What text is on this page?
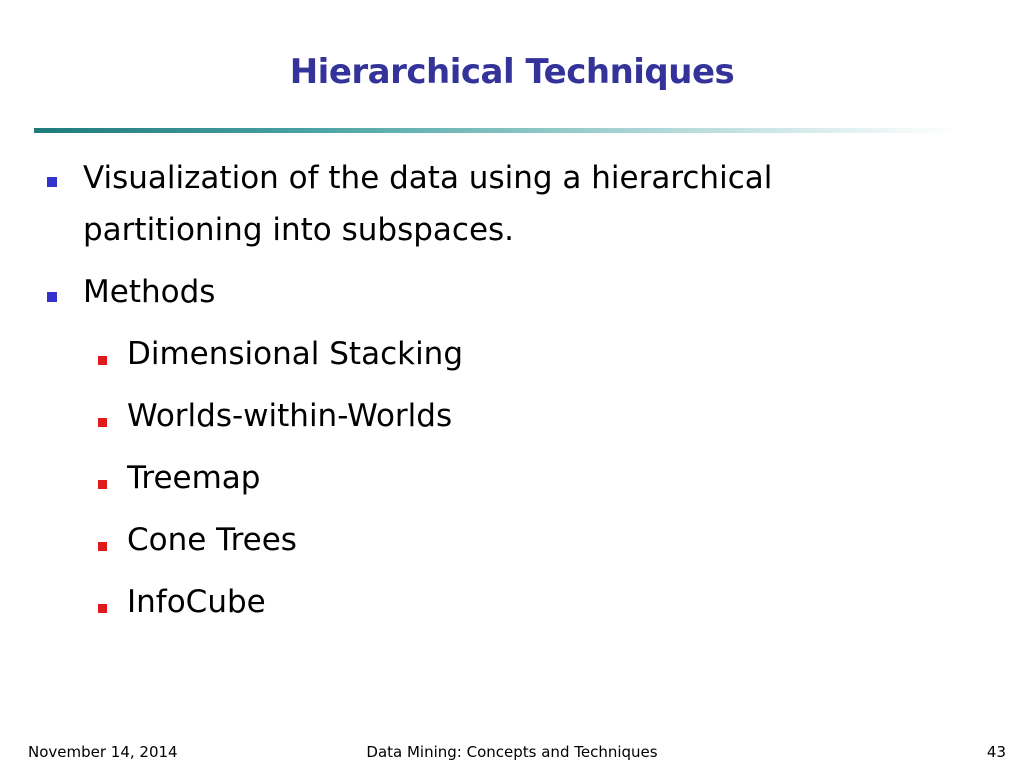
Hierarchical Techniques
Visualization of the data using a hierarchical
partitioning into subspaces.
Methods
Dimensional Stacking
Worlds-within-Worlds
Treemap
Cone Trees
InfoCube
November 14, 2014	Data Mining: Concepts and Techniques	43
